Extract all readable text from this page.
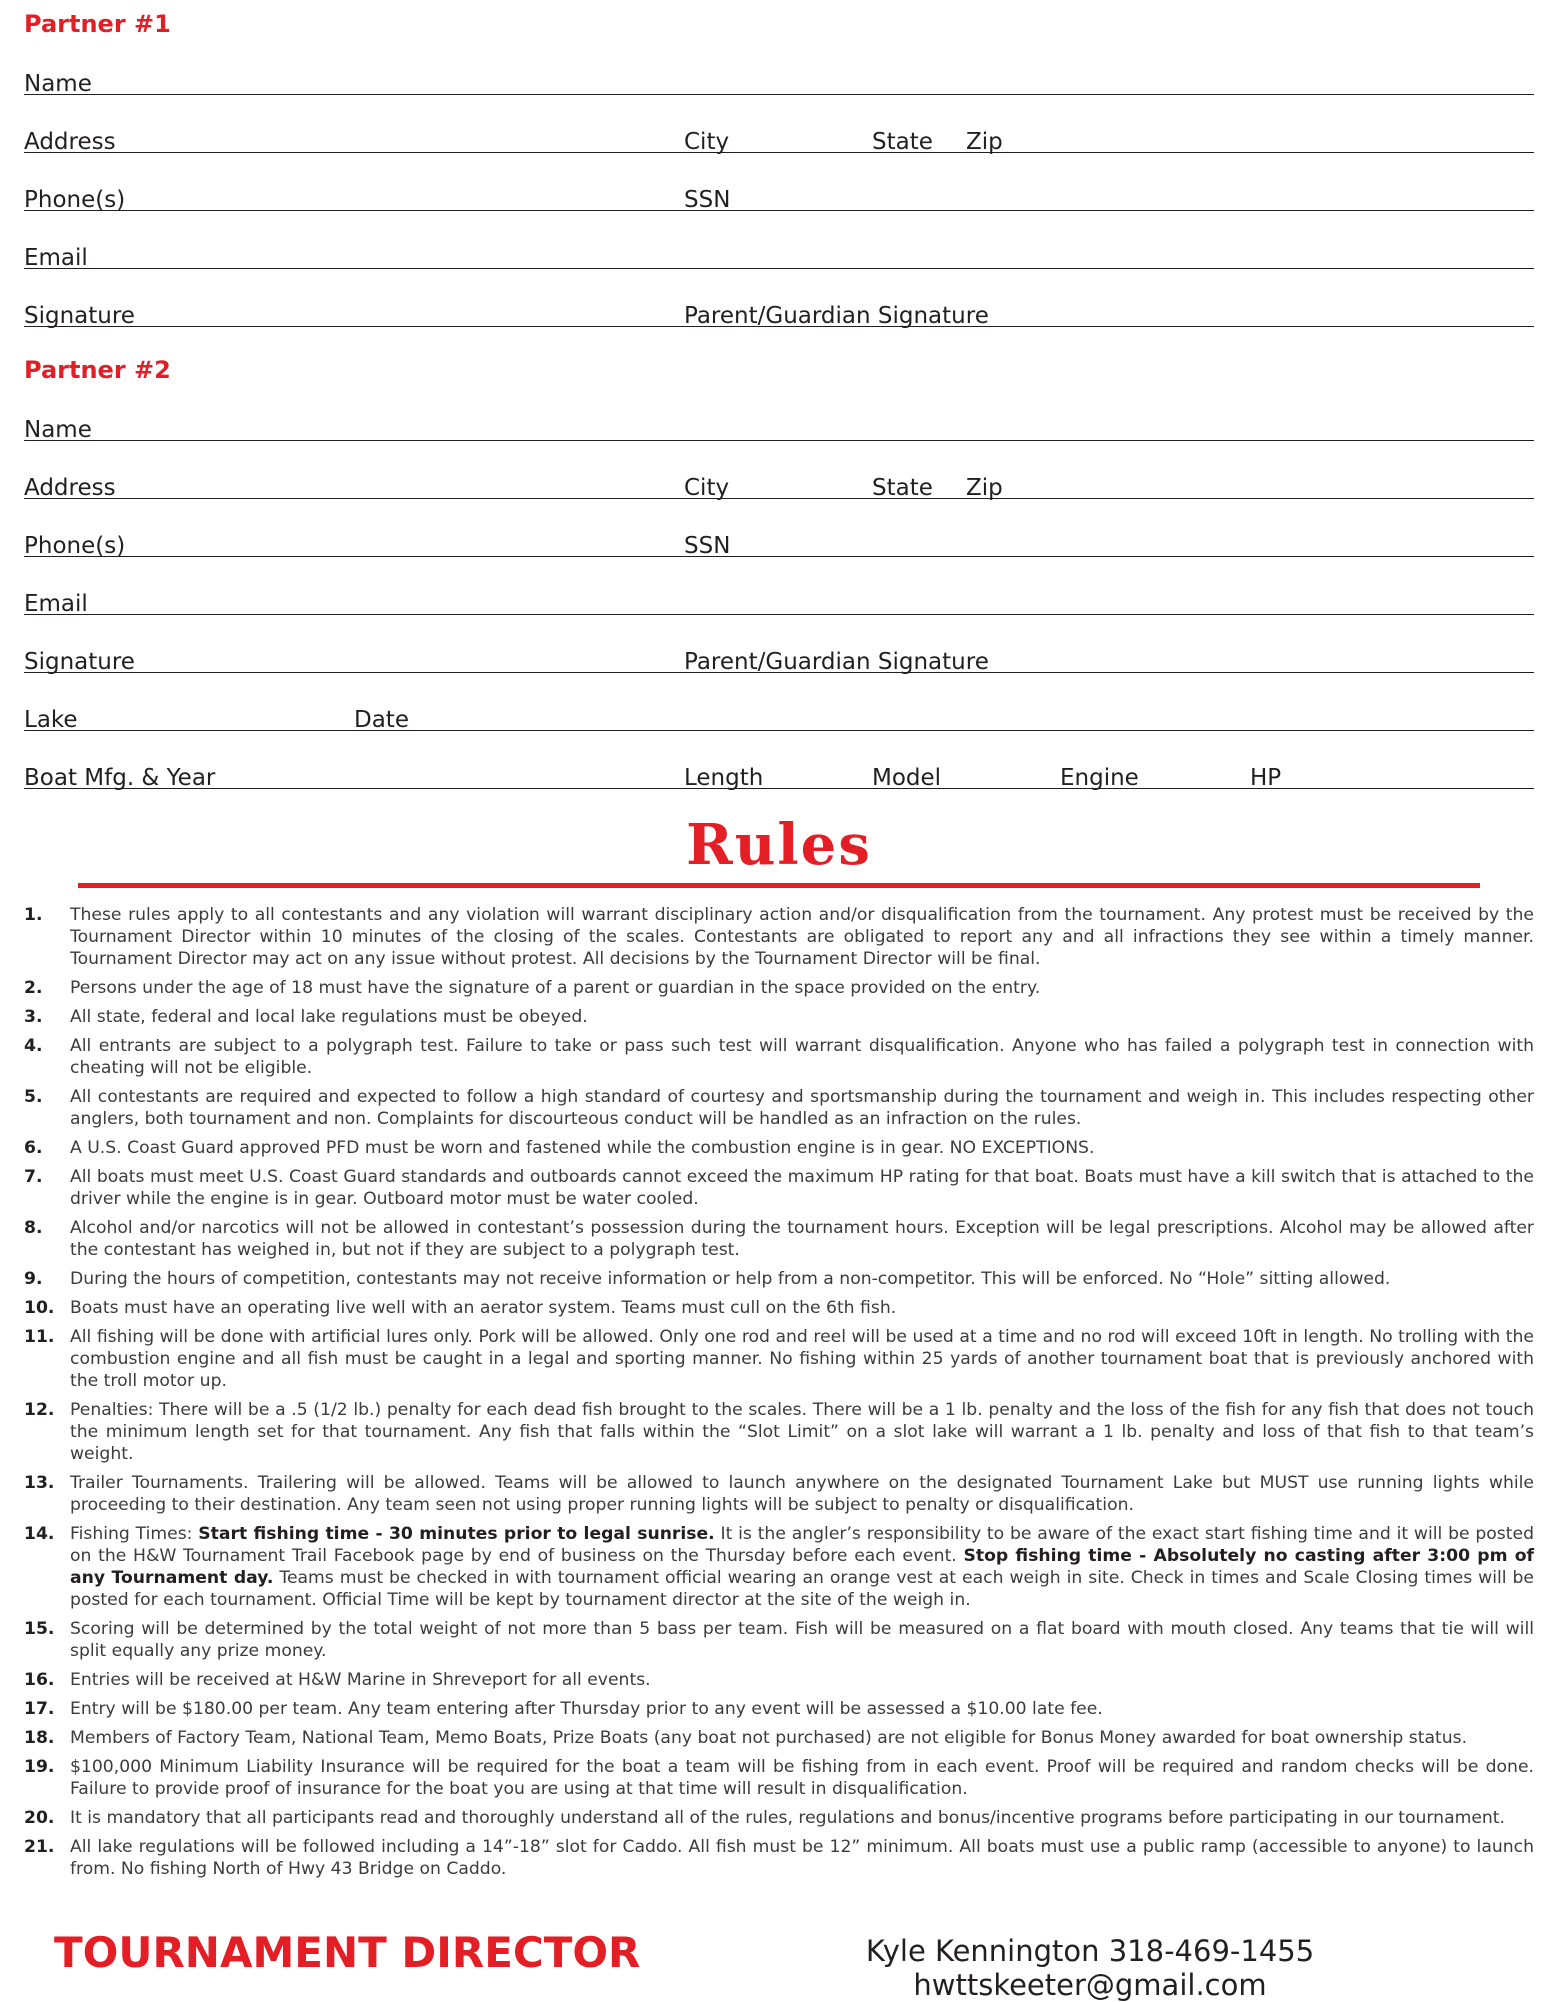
Partner #1
Name
Address	City	State Zip
Phone(s)	SSN
Email
Signature	Parent/Guardian Signature
Partner #2
Name
Address	City	State Zip
Phone(s)	SSN
Email
Signature	Parent/Guardian Signature
Lake	Date
Boat Mfg. & Year	Length	Model	Engine	HP
Rules
1. These rules apply to all contestants and any violation will warrant disciplinary action and/or disqualification from the tournament. Any protest must be received by the Tournament Director within 10 minutes of the closing of the scales. Contestants are obligated to report any and all infractions they see within a timely manner. Tournament Director may act on any issue without protest. All decisions by the Tournament Director will be final.
2. Persons under the age of 18 must have the signature of a parent or guardian in the space provided on the entry.
3. All state, federal and local lake regulations must be obeyed.
4. All entrants are subject to a polygraph test. Failure to take or pass such test will warrant disqualification. Anyone who has failed a polygraph test in connection with cheating will not be eligible.
5. All contestants are required and expected to follow a high standard of courtesy and sportsmanship during the tournament and weigh in. This includes respecting other anglers, both tournament and non. Complaints for discourteous conduct will be handled as an infraction on the rules.
6. A U.S. Coast Guard approved PFD must be worn and fastened while the combustion engine is in gear. NO EXCEPTIONS.
7. All boats must meet U.S. Coast Guard standards and outboards cannot exceed the maximum HP rating for that boat. Boats must have a kill switch that is attached to the driver while the engine is in gear. Outboard motor must be water cooled.
8. Alcohol and/or narcotics will not be allowed in contestant’s possession during the tournament hours. Exception will be legal prescriptions. Alcohol may be allowed after the contestant has weighed in, but not if they are subject to a polygraph test.
9. During the hours of competition, contestants may not receive information or help from a non-competitor. This will be enforced. No “Hole” sitting allowed.
10. Boats must have an operating live well with an aerator system. Teams must cull on the 6th fish.
11. All fishing will be done with artificial lures only. Pork will be allowed. Only one rod and reel will be used at a time and no rod will exceed 10ft in length. No trolling with the combustion engine and all fish must be caught in a legal and sporting manner. No fishing within 25 yards of another tournament boat that is previously anchored with the troll motor up.
12. Penalties: There will be a .5 (1/2 lb.) penalty for each dead fish brought to the scales. There will be a 1 lb. penalty and the loss of the fish for any fish that does not touch the minimum length set for that tournament. Any fish that falls within the “Slot Limit” on a slot lake will warrant a 1 lb. penalty and loss of that fish to that team’s weight.
13. Trailer Tournaments. Trailering will be allowed. Teams will be allowed to launch anywhere on the designated Tournament Lake but MUST use running lights while proceeding to their destination. Any team seen not using proper running lights will be subject to penalty or disqualification.
14. Fishing Times: Start fishing time - 30 minutes prior to legal sunrise. It is the angler’s responsibility to be aware of the exact start fishing time and it will be posted on the H&W Tournament Trail Facebook page by end of business on the Thursday before each event. Stop fishing time - Absolutely no casting after 3:00 pm of any Tournament day. Teams must be checked in with tournament official wearing an orange vest at each weigh in site. Check in times and Scale Closing times will be posted for each tournament. Official Time will be kept by tournament director at the site of the weigh in.
15. Scoring will be determined by the total weight of not more than 5 bass per team. Fish will be measured on a flat board with mouth closed. Any teams that tie will will split equally any prize money.
16. Entries will be received at H&W Marine in Shreveport for all events.
17. Entry will be $180.00 per team. Any team entering after Thursday prior to any event will be assessed a $10.00 late fee.
18. Members of Factory Team, National Team, Memo Boats, Prize Boats (any boat not purchased) are not eligible for Bonus Money awarded for boat ownership status.
19. $100,000 Minimum Liability Insurance will be required for the boat a team will be fishing from in each event. Proof will be required and random checks will be done. Failure to provide proof of insurance for the boat you are using at that time will result in disqualification.
20. It is mandatory that all participants read and thoroughly understand all of the rules, regulations and bonus/incentive programs before participating in our tournament.
21. All lake regulations will be followed including a 14”-18” slot for Caddo. All fish must be 12” minimum. All boats must use a public ramp (accessible to anyone) to launch from. No fishing North of Hwy 43 Bridge on Caddo.
TOURNAMENT DIRECTOR	Kyle Kennington 318-469-1455
hwttskeeter@gmail.com
